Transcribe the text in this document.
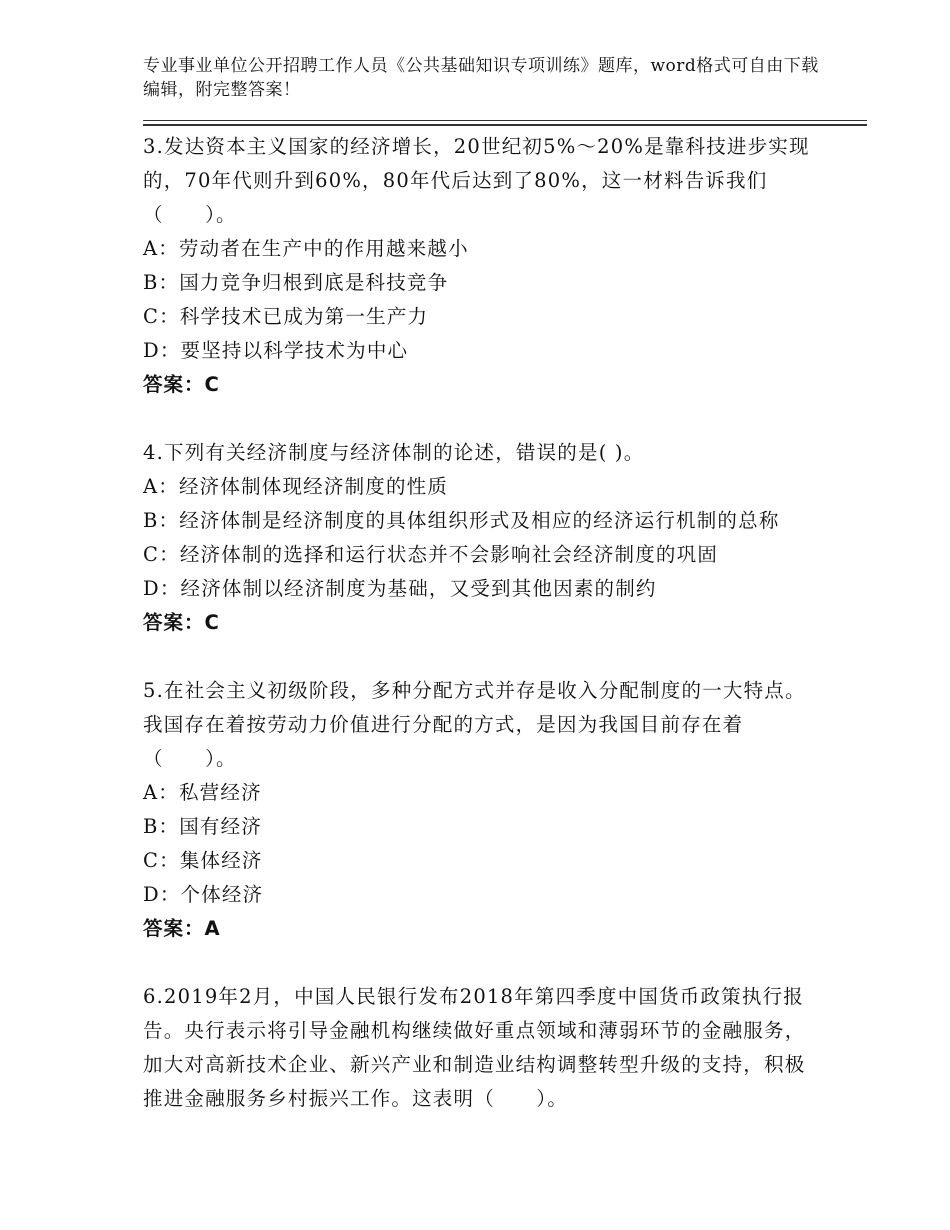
专业事业单位公开招聘工作人员《公共基础知识专项训练》题库，word格式可自由下载编辑，附完整答案！
3.发达资本主义国家的经济增长，20世纪初5%～20%是靠科技进步实现的，70年代则升到60%，80年代后达到了80%，这一材料告诉我们（　　）。
A：劳动者在生产中的作用越来越小
B：国力竞争归根到底是科技竞争
C：科学技术已成为第一生产力
D：要坚持以科学技术为中心
答案：C
4.下列有关经济制度与经济体制的论述，错误的是( )。
A：经济体制体现经济制度的性质
B：经济体制是经济制度的具体组织形式及相应的经济运行机制的总称
C：经济体制的选择和运行状态并不会影响社会经济制度的巩固
D：经济体制以经济制度为基础，又受到其他因素的制约
答案：C
5.在社会主义初级阶段，多种分配方式并存是收入分配制度的一大特点。我国存在着按劳动力价值进行分配的方式，是因为我国目前存在着（　　）。
A：私营经济
B：国有经济
C：集体经济
D：个体经济
答案：A
6.2019年2月，中国人民银行发布2018年第四季度中国货币政策执行报告。央行表示将引导金融机构继续做好重点领域和薄弱环节的金融服务，加大对高新技术企业、新兴产业和制造业结构调整转型升级的支持，积极推进金融服务乡村振兴工作。这表明（　　）。
